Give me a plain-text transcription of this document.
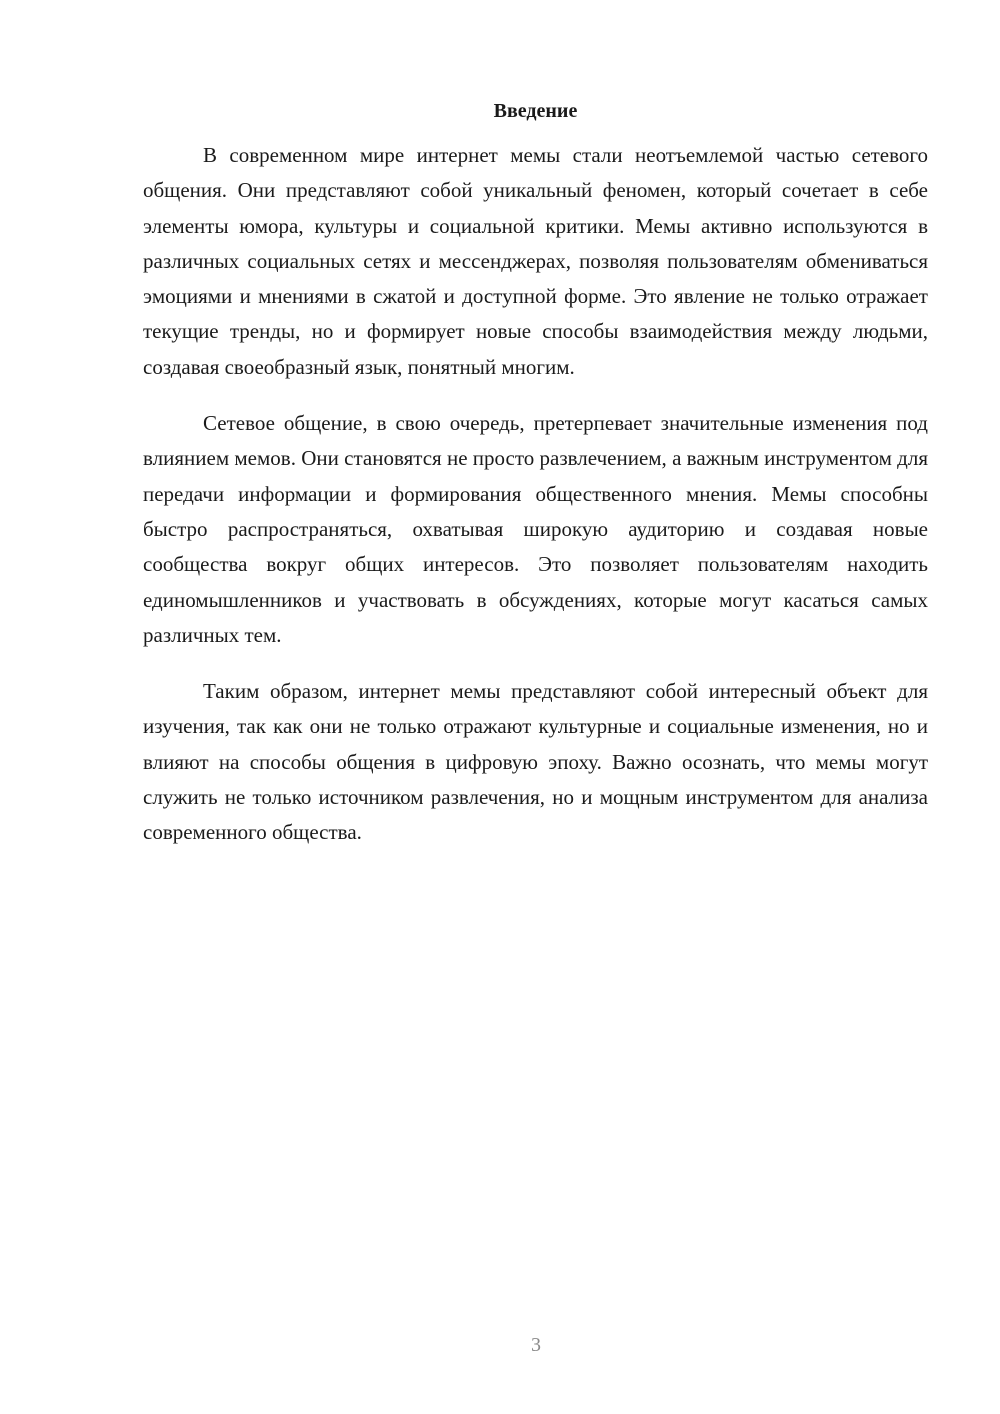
Введение

В современном мире интернет мемы стали неотъемлемой частью сетевого общения. Они представляют собой уникальный феномен, который сочетает в себе элементы юмора, культуры и социальной критики. Мемы активно используются в различных социальных сетях и мессенджерах, позволяя пользователям обмениваться эмоциями и мнениями в сжатой и доступной форме. Это явление не только отражает текущие тренды, но и формирует новые способы взаимодействия между людьми, создавая своеобразный язык, понятный многим.

Сетевое общение, в свою очередь, претерпевает значительные изменения под влиянием мемов. Они становятся не просто развлечением, а важным инструментом для передачи информации и формирования общественного мнения. Мемы способны быстро распространяться, охватывая широкую аудиторию и создавая новые сообщества вокруг общих интересов. Это позволяет пользователям находить единомышленников и участвовать в обсуждениях, которые могут касаться самых различных тем.

Таким образом, интернет мемы представляют собой интересный объект для изучения, так как они не только отражают культурные и социальные изменения, но и влияют на способы общения в цифровую эпоху. Важно осознать, что мемы могут служить не только источником развлечения, но и мощным инструментом для анализа современного общества.

3
